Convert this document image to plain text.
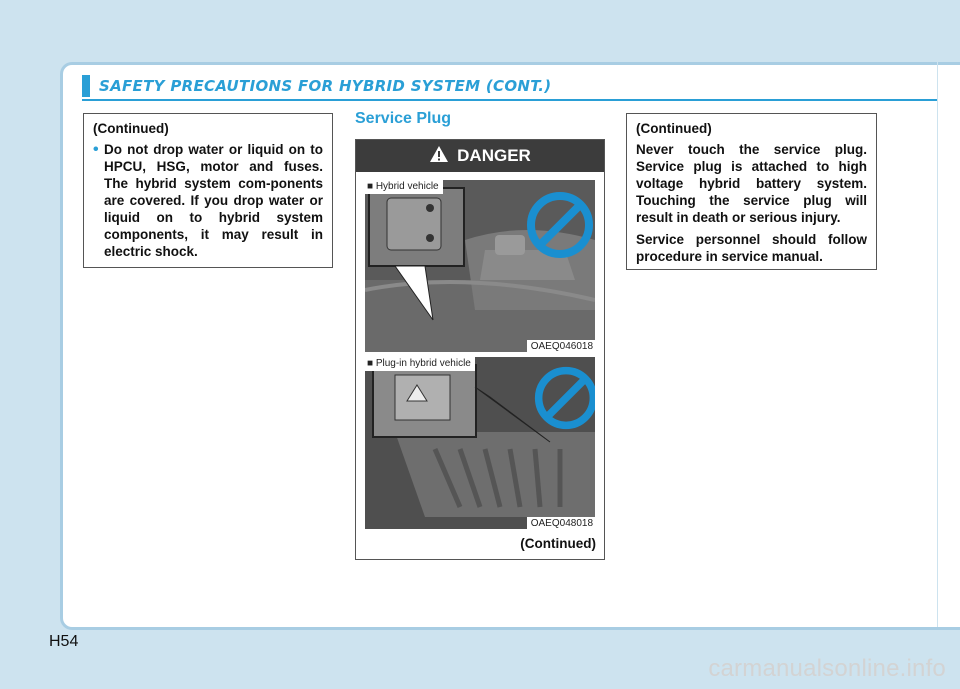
SAFETY PRECAUTIONS FOR HYBRID SYSTEM (CONT.)
(Continued)
• Do not drop water or liquid on to HPCU, HSG, motor and fuses. The hybrid system com-ponents are covered. If you drop water or liquid on to hybrid system components, it may result in electric shock.
Service Plug
DANGER
■ Hybrid vehicle
OAEQ046018
■ Plug-in hybrid vehicle
OAEQ048018
(Continued)
(Continued)
Never touch the service plug. Service plug is attached to high voltage hybrid battery system. Touching the service plug will result in death or serious injury.
Service personnel should follow procedure in service manual.
H54
carmanualsonline.info
